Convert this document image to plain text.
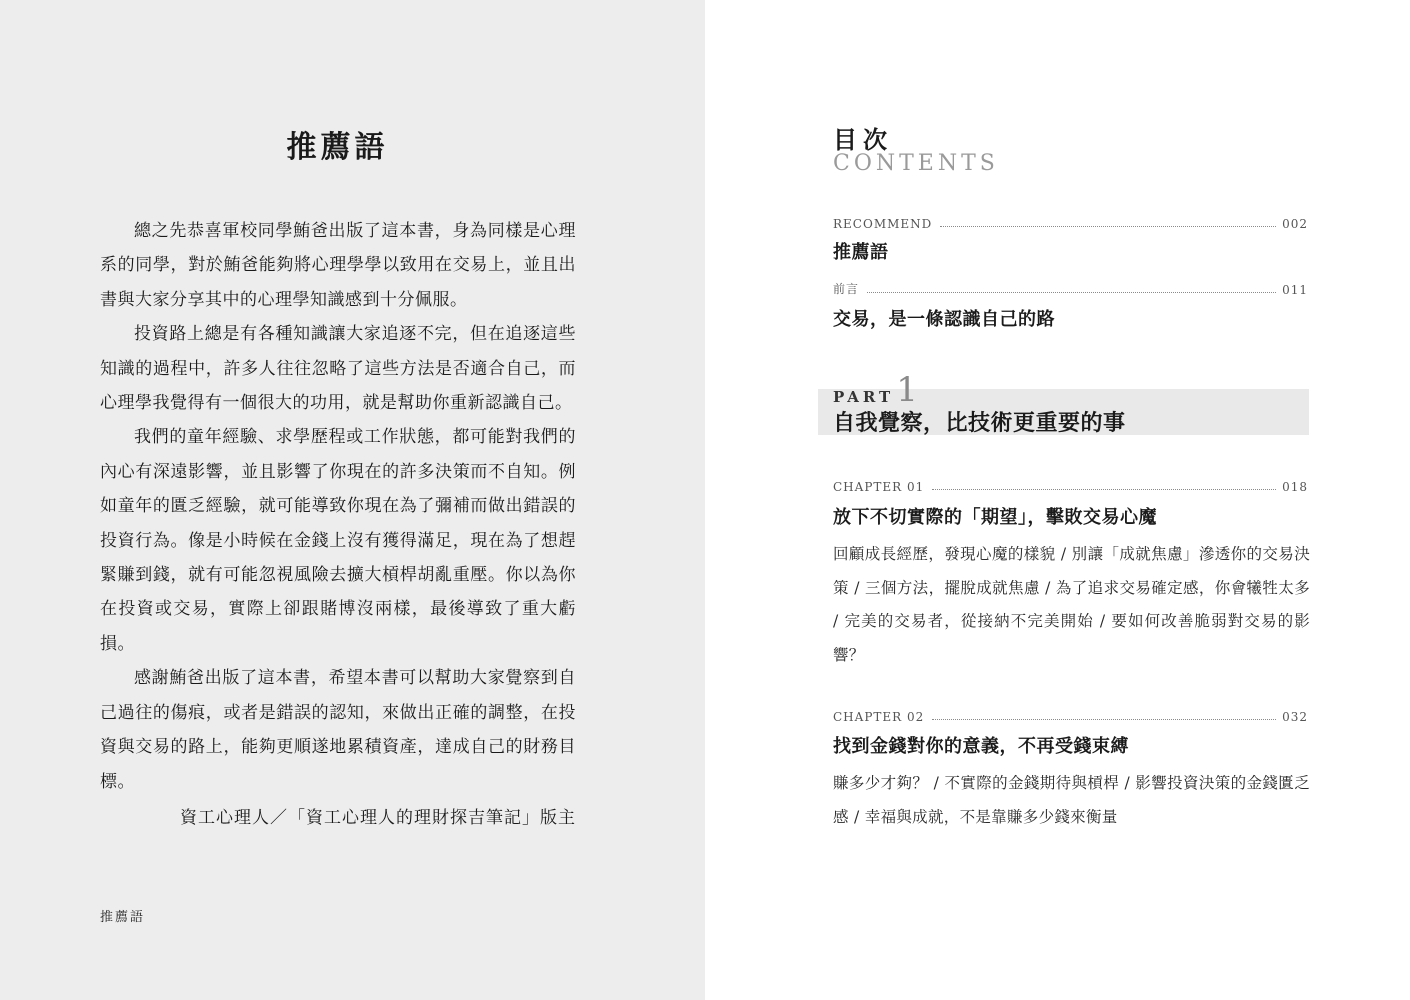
推薦語

總之先恭喜軍校同學鮪爸出版了這本書，身為同樣是心理系的同學，對於鮪爸能夠將心理學學以致用在交易上，並且出書與大家分享其中的心理學知識感到十分佩服。

投資路上總是有各種知識讓大家追逐不完，但在追逐這些知識的過程中，許多人往往忽略了這些方法是否適合自己，而心理學我覺得有一個很大的功用，就是幫助你重新認識自己。

我們的童年經驗、求學歷程或工作狀態，都可能對我們的內心有深遠影響，並且影響了你現在的許多決策而不自知。例如童年的匱乏經驗，就可能導致你現在為了彌補而做出錯誤的投資行為。像是小時候在金錢上沒有獲得滿足，現在為了想趕緊賺到錢，就有可能忽視風險去擴大槓桿胡亂重壓。你以為你在投資或交易，實際上卻跟賭博沒兩樣，最後導致了重大虧損。

感謝鮪爸出版了這本書，希望本書可以幫助大家覺察到自己過往的傷痕，或者是錯誤的認知，來做出正確的調整，在投資與交易的路上，能夠更順遂地累積資產，達成自己的財務目標。

資工心理人／「資工心理人的理財探吉筆記」版主

推薦語

目次

CONTENTS

RECOMMEND	002

推薦語

前言	011

交易，是一條認識自己的路

PART 1

自我覺察，比技術更重要的事

CHAPTER 01	018

放下不切實際的「期望」，擊敗交易心魔

回顧成長經歷，發現心魔的樣貌 / 別讓「成就焦慮」滲透你的交易決策 / 三個方法，擺脫成就焦慮 / 為了追求交易確定感，你會犧牲太多 / 完美的交易者，從接納不完美開始 / 要如何改善脆弱對交易的影響？

CHAPTER 02	032

找到金錢對你的意義，不再受錢束縛

賺多少才夠？ / 不實際的金錢期待與槓桿 / 影響投資決策的金錢匱乏感 / 幸福與成就，不是靠賺多少錢來衡量
